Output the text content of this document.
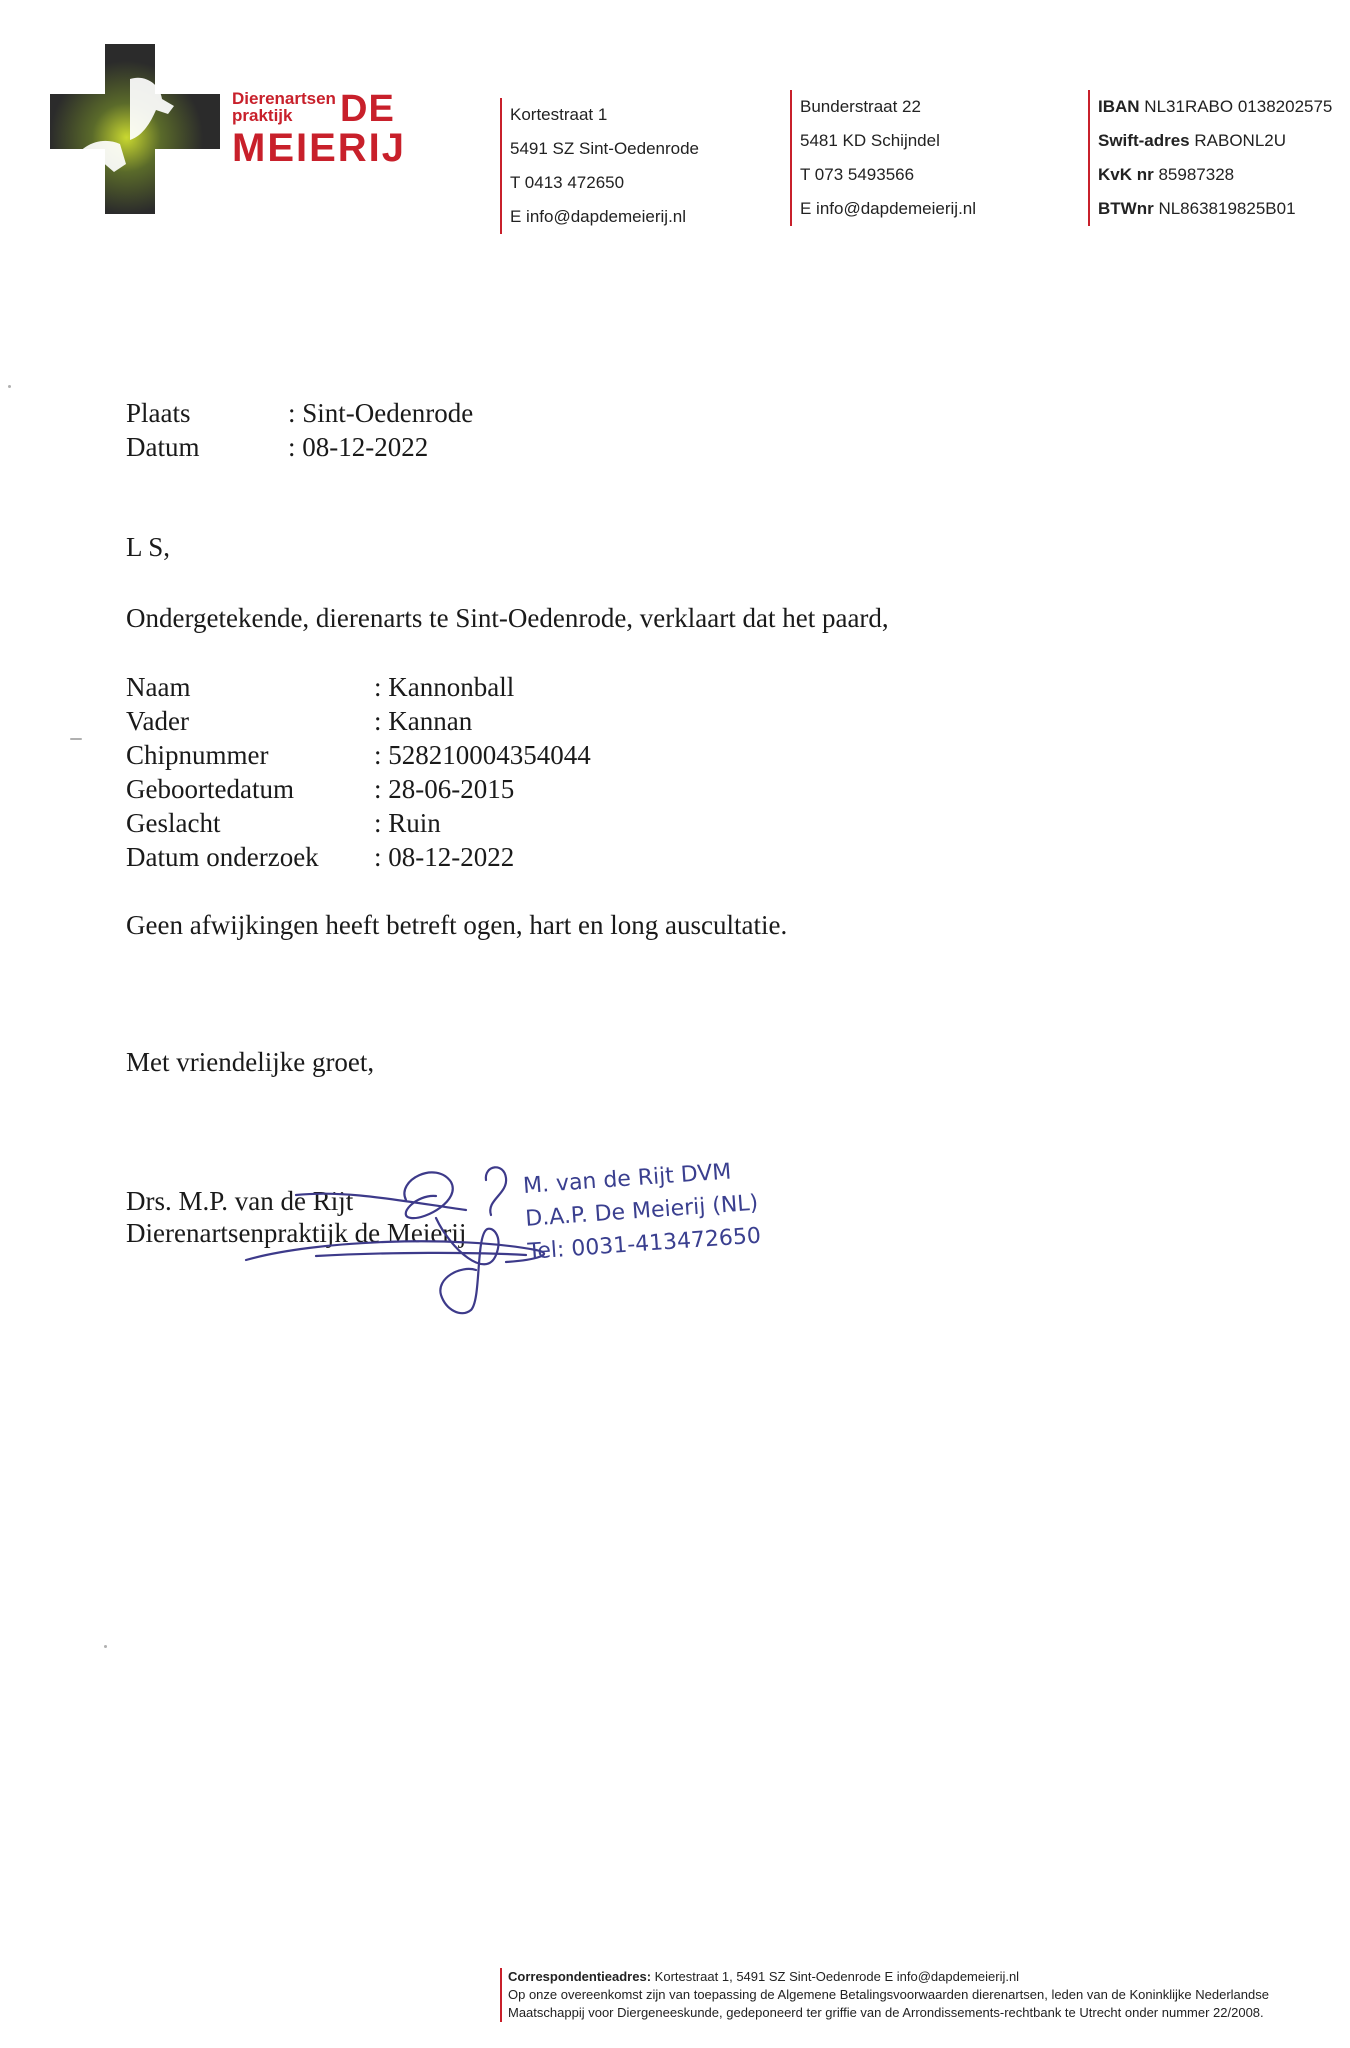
Dierenartsen praktijk	DE
MEIERIJ
Kortestraat 1
5491 SZ Sint-Oedenrode
T 0413 472650
E info@dapdemeierij.nl
Bunderstraat 22
5481 KD Schijndel
T 073 5493566
E info@dapdemeierij.nl
IBAN NL31RABO 0138202575
Swift-adres RABONL2U
KvK nr 85987328
BTWnr NL863819825B01
Plaats	: Sint-Oedenrode
Datum	: 08-12-2022
L S,
Ondergetekende, dierenarts te Sint-Oedenrode, verklaart dat het paard,
Naam	: Kannonball
Vader	: Kannan
Chipnummer	: 528210004354044
Geboortedatum	: 28-06-2015
Geslacht	: Ruin
Datum onderzoek : 08-12-2022
Geen afwijkingen heeft betreft ogen, hart en long auscultatie.
Met vriendelijke groet,
Drs. M.P. van de Rijt
Dierenartsenpraktijk de Meierij
M. van de Rijt DVM
D.A.P. De Meierij (NL)
Tel: 0031-413472650
Correspondentieadres: Kortestraat 1, 5491 SZ Sint-Oedenrode E info@dapdemeierij.nl
Op onze overeenkomst zijn van toepassing de Algemene Betalingsvoorwaarden dierenartsen, leden van de Koninklijke Nederlandse
Maatschappij voor Diergeneeskunde, gedeponeerd ter griffie van de Arrondissements-rechtbank te Utrecht onder nummer 22/2008.
